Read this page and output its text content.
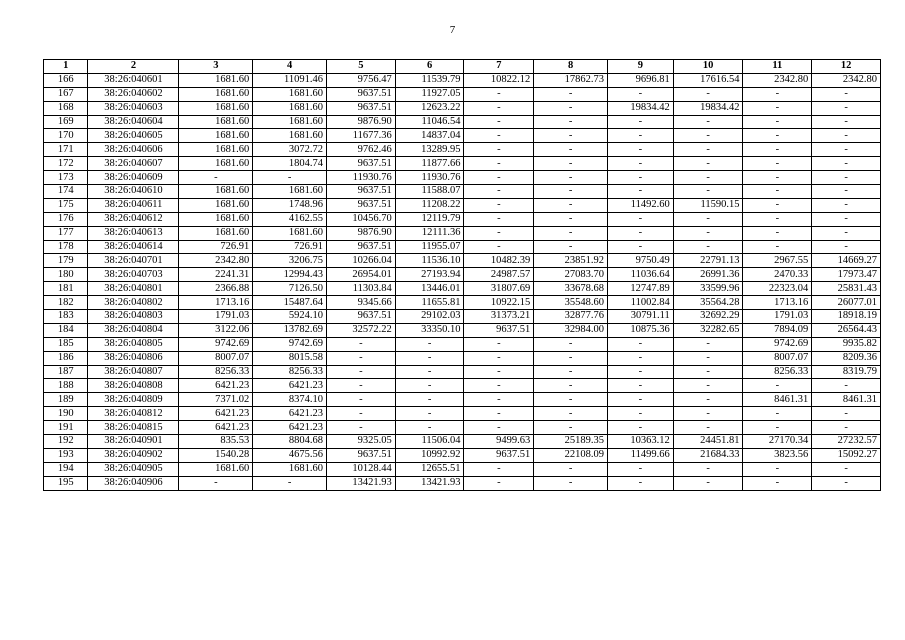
7
1	2	3	4	5	6	7	8	9	10	11	12
166	38:26:040601	1681.60	11091.46	9756.47	11539.79	10822.12	17862.73	9696.81	17616.54	2342.80	2342.80
167	38:26:040602	1681.60	1681.60	9637.51	11927.05	-	-	-	-	-	-
168	38:26:040603	1681.60	1681.60	9637.51	12623.22	-	-	19834.42	19834.42	-	-
169	38:26:040604	1681.60	1681.60	9876.90	11046.54	-	-	-	-	-	-
170	38:26:040605	1681.60	1681.60	11677.36	14837.04	-	-	-	-	-	-
171	38:26:040606	1681.60	3072.72	9762.46	13289.95	-	-	-	-	-	-
172	38:26:040607	1681.60	1804.74	9637.51	11877.66	-	-	-	-	-	-
173	38:26:040609	-	-	11930.76	11930.76	-	-	-	-	-	-
174	38:26:040610	1681.60	1681.60	9637.51	11588.07	-	-	-	-	-	-
175	38:26:040611	1681.60	1748.96	9637.51	11208.22	-	-	11492.60	11590.15	-	-
176	38:26:040612	1681.60	4162.55	10456.70	12119.79	-	-	-	-	-	-
177	38:26:040613	1681.60	1681.60	9876.90	12111.36	-	-	-	-	-	-
178	38:26:040614	726.91	726.91	9637.51	11955.07	-	-	-	-	-	-
179	38:26:040701	2342.80	3206.75	10266.04	11536.10	10482.39	23851.92	9750.49	22791.13	2967.55	14669.27
180	38:26:040703	2241.31	12994.43	26954.01	27193.94	24987.57	27083.70	11036.64	26991.36	2470.33	17973.47
181	38:26:040801	2366.88	7126.50	11303.84	13446.01	31807.69	33678.68	12747.89	33599.96	22323.04	25831.43
182	38:26:040802	1713.16	15487.64	9345.66	11655.81	10922.15	35548.60	11002.84	35564.28	1713.16	26077.01
183	38:26:040803	1791.03	5924.10	9637.51	29102.03	31373.21	32877.76	30791.11	32692.29	1791.03	18918.19
184	38:26:040804	3122.06	13782.69	32572.22	33350.10	9637.51	32984.00	10875.36	32282.65	7894.09	26564.43
185	38:26:040805	9742.69	9742.69	-	-	-	-	-	-	9742.69	9935.82
186	38:26:040806	8007.07	8015.58	-	-	-	-	-	-	8007.07	8209.36
187	38:26:040807	8256.33	8256.33	-	-	-	-	-	-	8256.33	8319.79
188	38:26:040808	6421.23	6421.23	-	-	-	-	-	-	-	-
189	38:26:040809	7371.02	8374.10	-	-	-	-	-	-	8461.31	8461.31
190	38:26:040812	6421.23	6421.23	-	-	-	-	-	-	-	-
191	38:26:040815	6421.23	6421.23	-	-	-	-	-	-	-	-
192	38:26:040901	835.53	8804.68	9325.05	11506.04	9499.63	25189.35	10363.12	24451.81	27170.34	27232.57
193	38:26:040902	1540.28	4675.56	9637.51	10992.92	9637.51	22108.09	11499.66	21684.33	3823.56	15092.27
194	38:26:040905	1681.60	1681.60	10128.44	12655.51	-	-	-	-	-	-
195	38:26:040906	-	-	13421.93	13421.93	-	-	-	-	-	-
